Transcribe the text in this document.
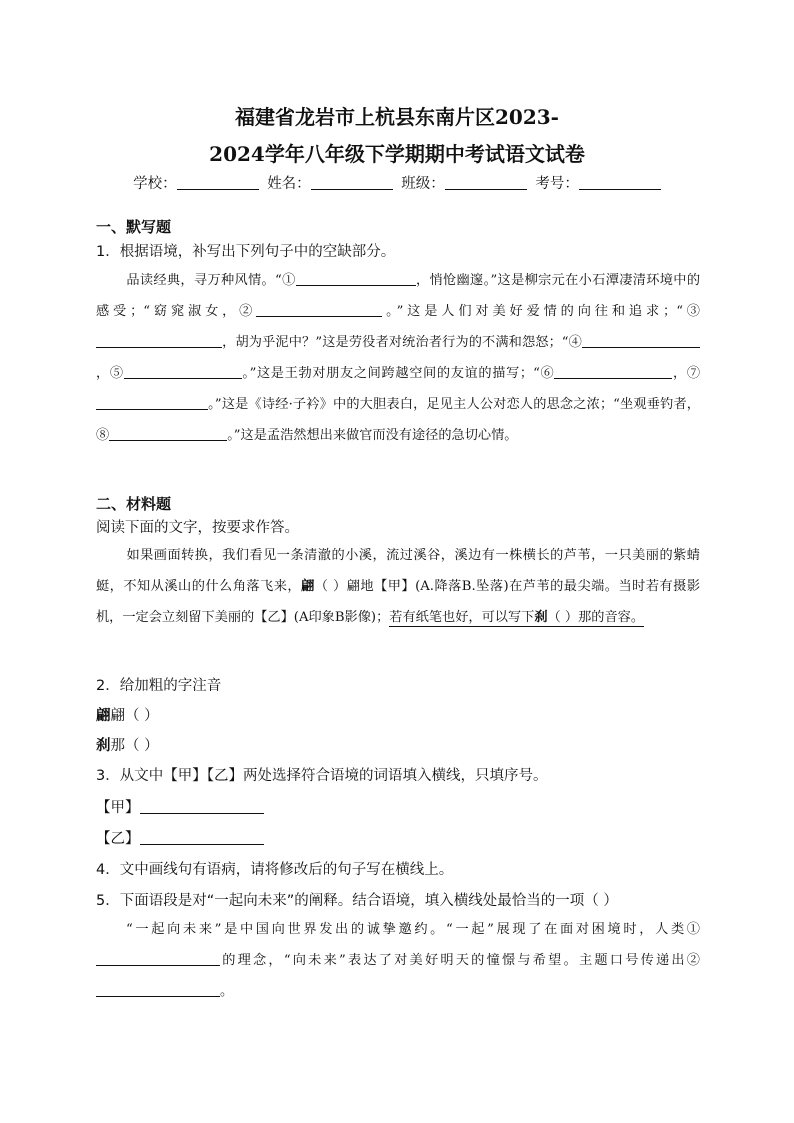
福建省龙岩市上杭县东南片区2023-
2024学年八年级下学期期中考试语文试卷
学校：	姓名：	班级：	考号：
一、默写题
1．根据语境，补写出下列句子中的空缺部分。
品读经典，寻万种风情。“①	，悄怆幽邃。”这是柳宗元在小石潭凄清环境中的感受；“窈窕淑女，②	。”这是人们对美好爱情的向往和追求；“③，胡为乎泥中？”这是劳役者对统治者行为的不满和怨怒；“④，⑤	。”这是王勃对朋友之间跨越空间的友谊的描写；“⑥	，⑦。”这是《诗经·子衿》中的大胆表白，足见主人公对恋人的思念之浓；“坐观垂钓者，⑧	。”这是孟浩然想出来做官而没有途径的急切心情。
二、材料题
阅读下面的文字，按要求作答。
如果画面转换，我们看见一条清澈的小溪，流过溪谷，溪边有一株横长的芦苇，一只美丽的紫蜻蜓，不知从溪山的什么角落飞来，翩（ ）翩地【甲】(A.降落B.坠落)在芦苇的最尖端。当时若有摄影机，一定会立刻留下美丽的【乙】(A印象B影像)；若有纸笔也好，可以写下刹（ ）那的音容。
2．给加粗的字注音
翩翩（ ）
刹那（ ）
3．从文中【甲】【乙】两处选择符合语境的词语填入横线，只填序号。
【甲】
【乙】
4．文中画线句有语病，请将修改后的句子写在横线上。
5．下面语段是对“一起向未来”的阐释。结合语境，填入横线处最恰当的一项（ ）
“一起向未来”是中国向世界发出的诚挚邀约。“一起”展现了在面对困境时，人类①的理念，“向未来”表达了对美好明天的憧憬与希望。主题口号传递出②。
